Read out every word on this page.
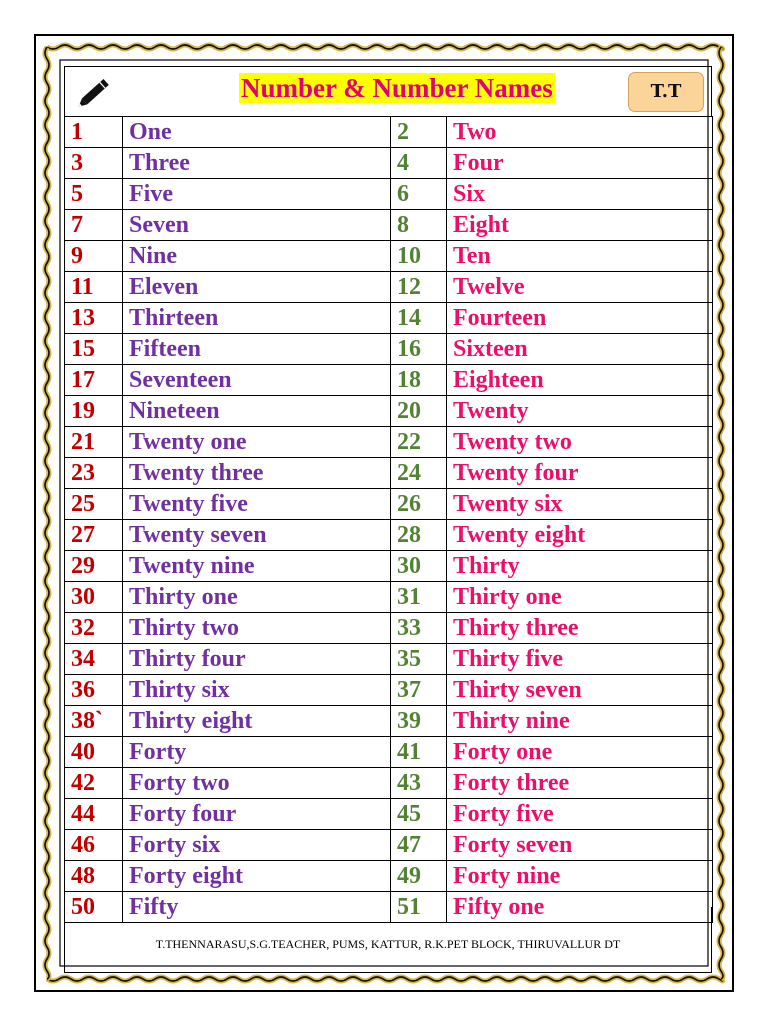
Number & Number Names	T.T
1	One	2	Two
3	Three	4	Four
5	Five	6	Six
7	Seven	8	Eight
9	Nine	10	Ten
11	Eleven	12	Twelve
13	Thirteen	14	Fourteen
15	Fifteen	16	Sixteen
17	Seventeen	18	Eighteen
19	Nineteen	20	Twenty
21	Twenty one	22	Twenty two
23	Twenty three	24	Twenty four
25	Twenty five	26	Twenty six
27	Twenty seven	28	Twenty eight
29	Twenty nine	30	Thirty
30	Thirty one	31	Thirty one
32	Thirty two	33	Thirty three
34	Thirty four	35	Thirty five
36	Thirty six	37	Thirty seven
38`	Thirty eight	39	Thirty nine
40	Forty	41	Forty one
42	Forty two	43	Forty three
44	Forty four	45	Forty five
46	Forty six	47	Forty seven
48	Forty eight	49	Forty nine
50	Fifty	51	Fifty one
T.THENNARASU,S.G.TEACHER, PUMS, KATTUR, R.K.PET BLOCK, THIRUVALLUR DT
